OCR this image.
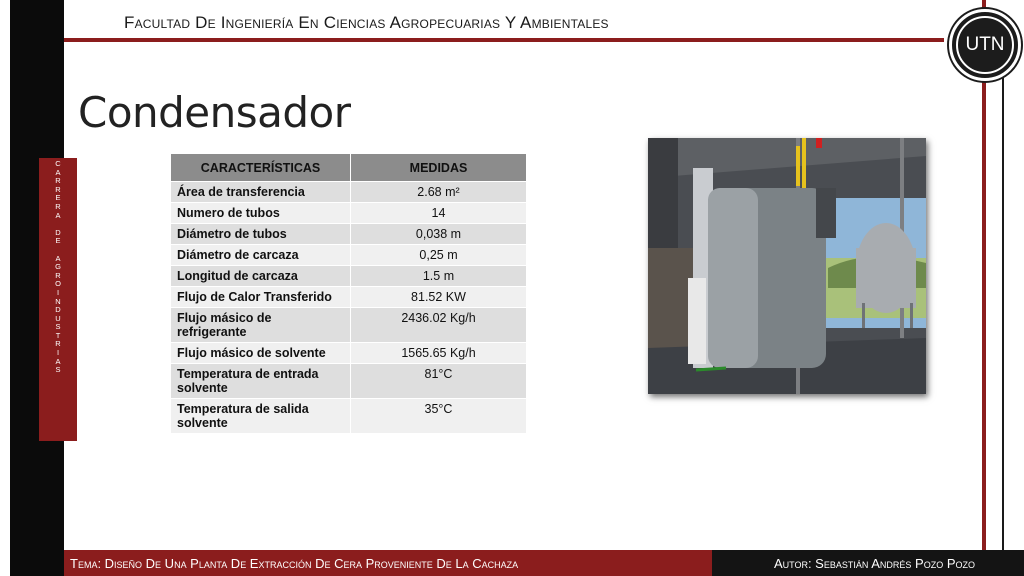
Facultad De Ingeniería En Ciencias Agropecuarias Y Ambientales
UTN
Condensador
C
A
R
R
E
R
A
D
E
A
G
R
O
I
N
D
U
S
T
R
I
A
S
CARACTERÍSTICAS	MEDIDAS
Área de transferencia	2.68 m²
Numero de tubos	14
Diámetro de tubos	0,038 m
Diámetro de carcaza	0,25 m
Longitud de carcaza	1.5 m
Flujo de Calor Transferido	81.52 KW
Flujo másico de refrigerante	2436.02 Kg/h
Flujo másico de solvente	1565.65 Kg/h
Temperatura de entrada solvente	81°C
Temperatura de salida solvente	35°C
Tema: Diseño De Una Planta De Extracción De Cera Proveniente De La Cachaza	Autor: Sebastián Andrés Pozo Pozo
